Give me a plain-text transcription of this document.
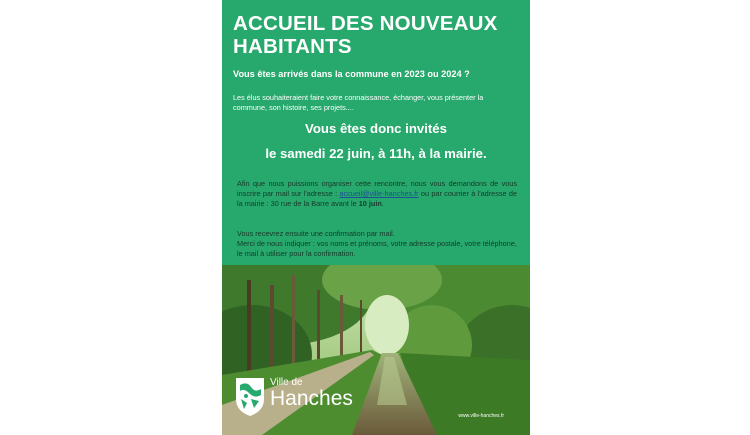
ACCUEIL DES NOUVEAUX HABITANTS
Vous êtes arrivés dans la commune en 2023 ou 2024 ?
Les élus souhaiteraient faire votre connaissance, échanger, vous présenter la commune, son histoire, ses projets....
Vous êtes donc invités
le samedi 22 juin, à 11h, à la mairie.
Afin que nous puissions organiser cette rencontre, nous vous demandons de vous inscrire par mail sur l'adresse : accueil@ville-hanches.fr ou par courrier à l'adresse de la mairie : 30 rue de la Barre avant le 10 juin.
Vous recevrez ensuite une confirmation par mail.
Merci de nous indiquer : vos noms et prénoms, votre adresse postale, votre téléphone, le mail à utiliser pour la confirmation.
Ville de
Hanches
www.ville-hanches.fr
